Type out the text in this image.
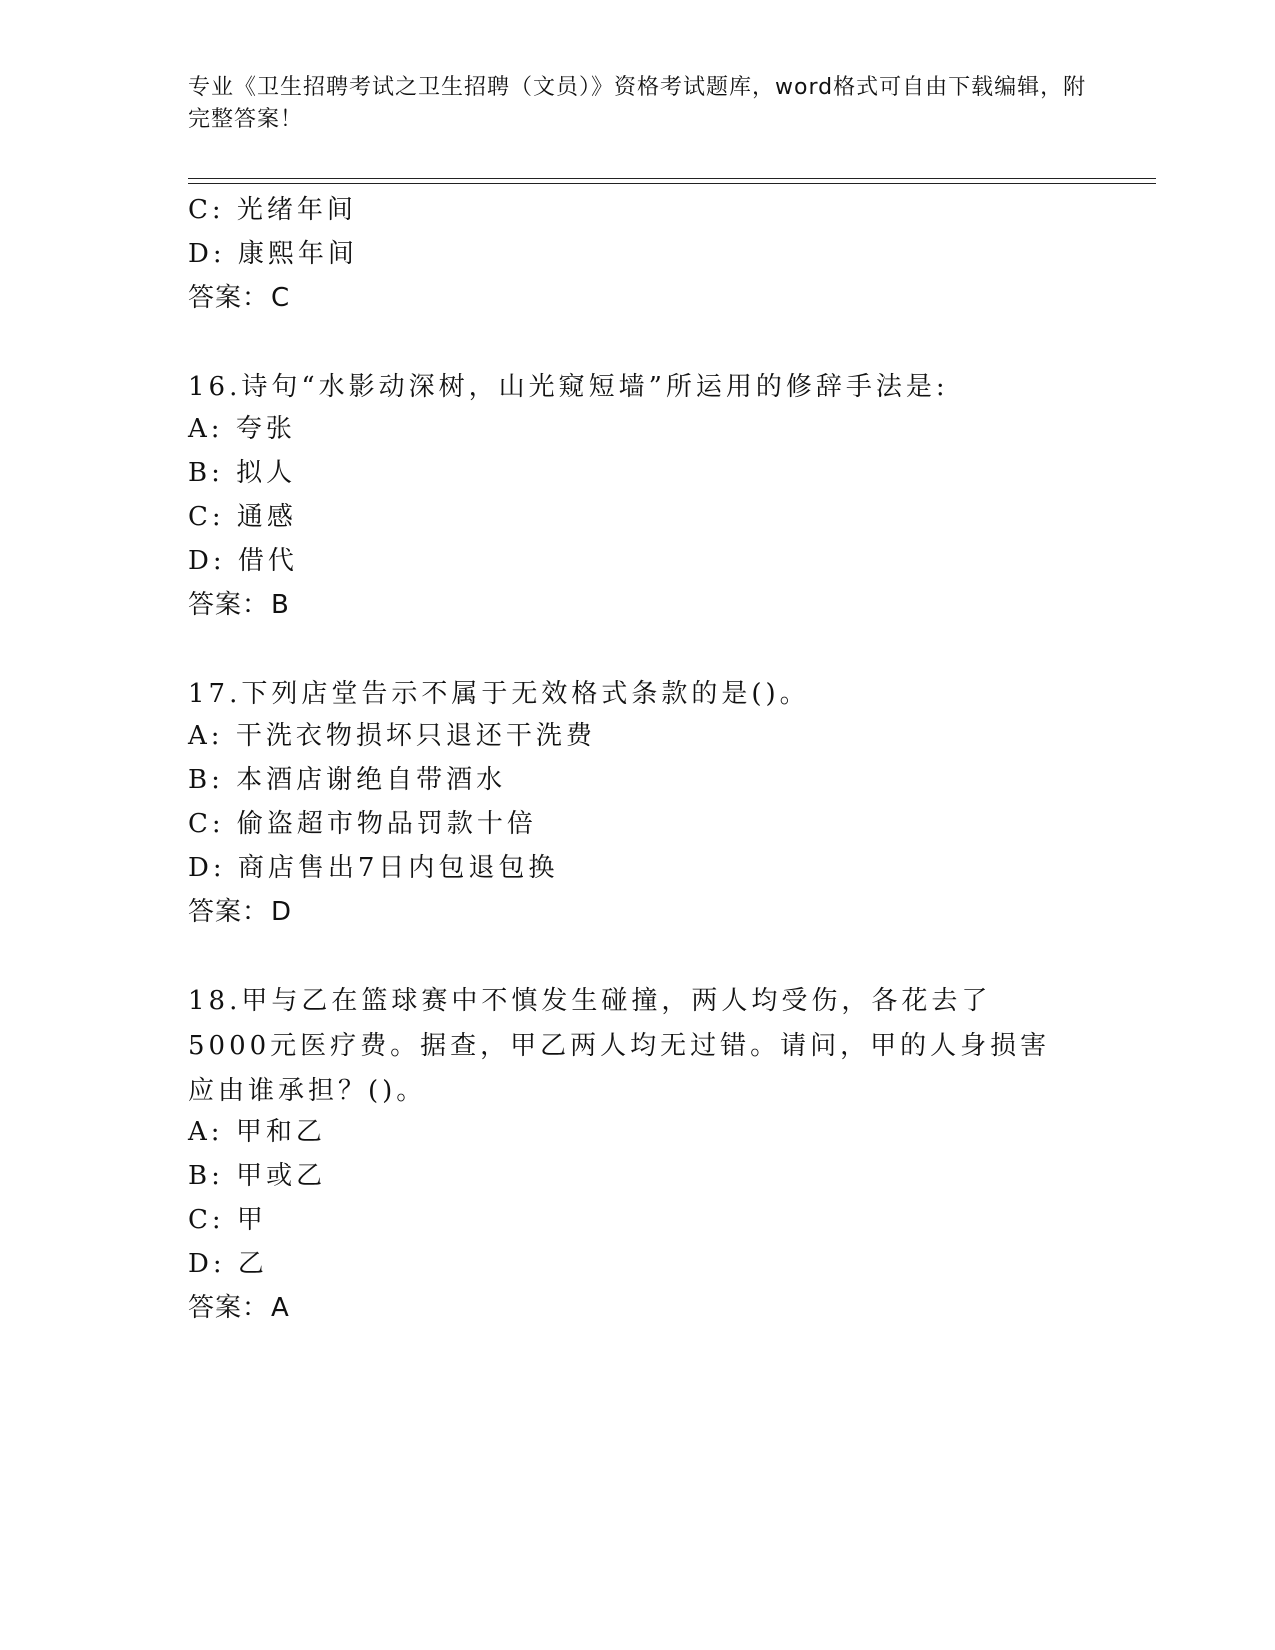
专业《卫生招聘考试之卫生招聘（文员）》资格考试题库，word格式可自由下载编辑，附完整答案！
C: 光绪年间
D: 康熙年间
答案：C
16.诗句“水影动深树，山光窥短墙”所运用的修辞手法是:
A: 夸张
B: 拟人
C: 通感
D: 借代
答案：B
17.下列店堂告示不属于无效格式条款的是()。
A: 干洗衣物损坏只退还干洗费
B: 本酒店谢绝自带酒水
C: 偷盗超市物品罚款十倍
D: 商店售出7日内包退包换
答案：D
18.甲与乙在篮球赛中不慎发生碰撞，两人均受伤，各花去了5000元医疗费。据查，甲乙两人均无过错。请问，甲的人身损害应由谁承担？()。
A: 甲和乙
B: 甲或乙
C: 甲
D: 乙
答案：A
